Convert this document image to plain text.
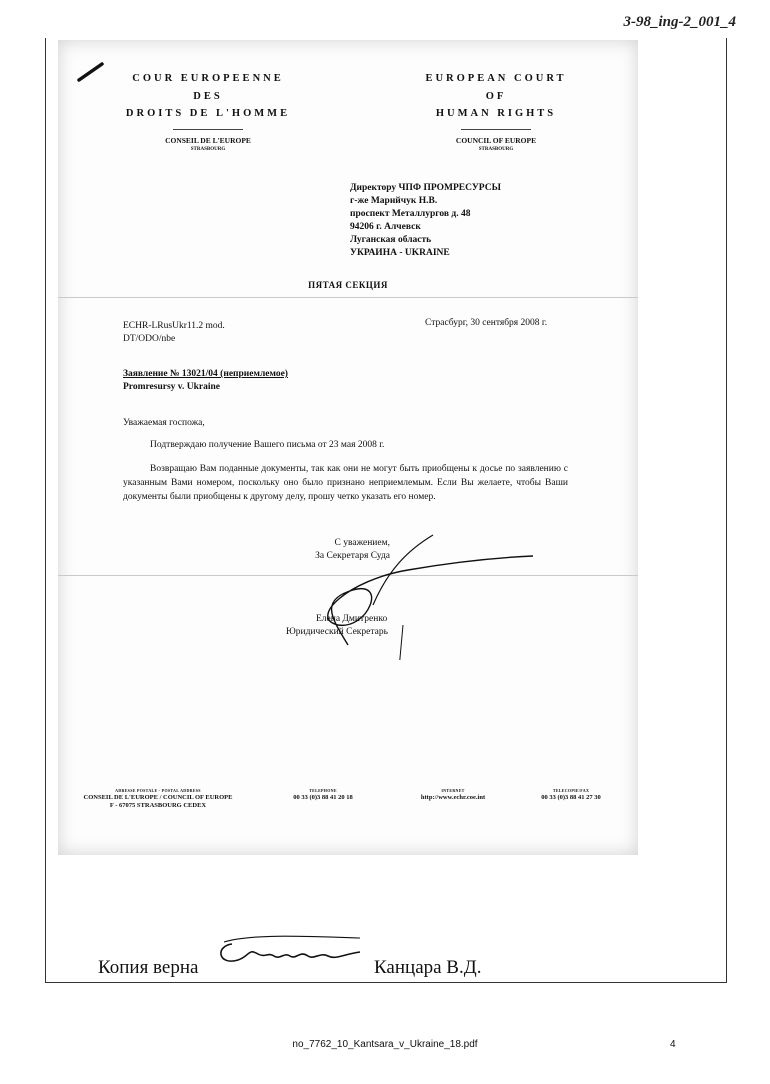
3-98_ing-2_001_4
COUR EUROPEENNE
DES
DROITS DE L'HOMME
CONSEIL DE L'EUROPE
STRASBOURG
EUROPEAN COURT
OF
HUMAN RIGHTS
COUNCIL OF EUROPE
STRASBOURG
Директору ЧПФ ПРОМРЕСУРСЫ
г-же Марийчук Н.В.
проспект Металлургов д. 48
94206 г. Алчевск
Луганская область
УКРАИНА - UKRAINE
ПЯТАЯ СЕКЦИЯ
ECHR-LRusUkr11.2 mod.
DT/ODO/nbe
Страсбург, 30 сентября 2008 г.
Заявление № 13021/04 (неприемлемое)
Promresursy v. Ukraine
Уважаемая госпожа,
Подтверждаю получение Вашего письма от 23 мая 2008 г.
Возвращаю Вам поданные документы, так как они не могут быть приобщены к досье по заявлению с указанным Вами номером, поскольку оно было признано неприемлемым. Если Вы желаете, чтобы Ваши документы были приобщены к другому делу, прошу четко указать его номер.
С уважением,
За Секретаря Суда
Елена Дмитренко
Юридический Секретарь
ADRESSE POSTALE - POSTAL ADDRESS
CONSEIL DE L'EUROPE / COUNCIL OF EUROPE
F - 67075 STRASBOURG CEDEX
TELEPHONE
00 33 (0)3 88 41 20 18
INTERNET
http://www.echr.coe.int
TELECOPIE/FAX
00 33 (0)3 88 41 27 30
Копия верна	Канцара В.Д.
no_7762_10_Kantsara_v_Ukraine_18.pdf	4
